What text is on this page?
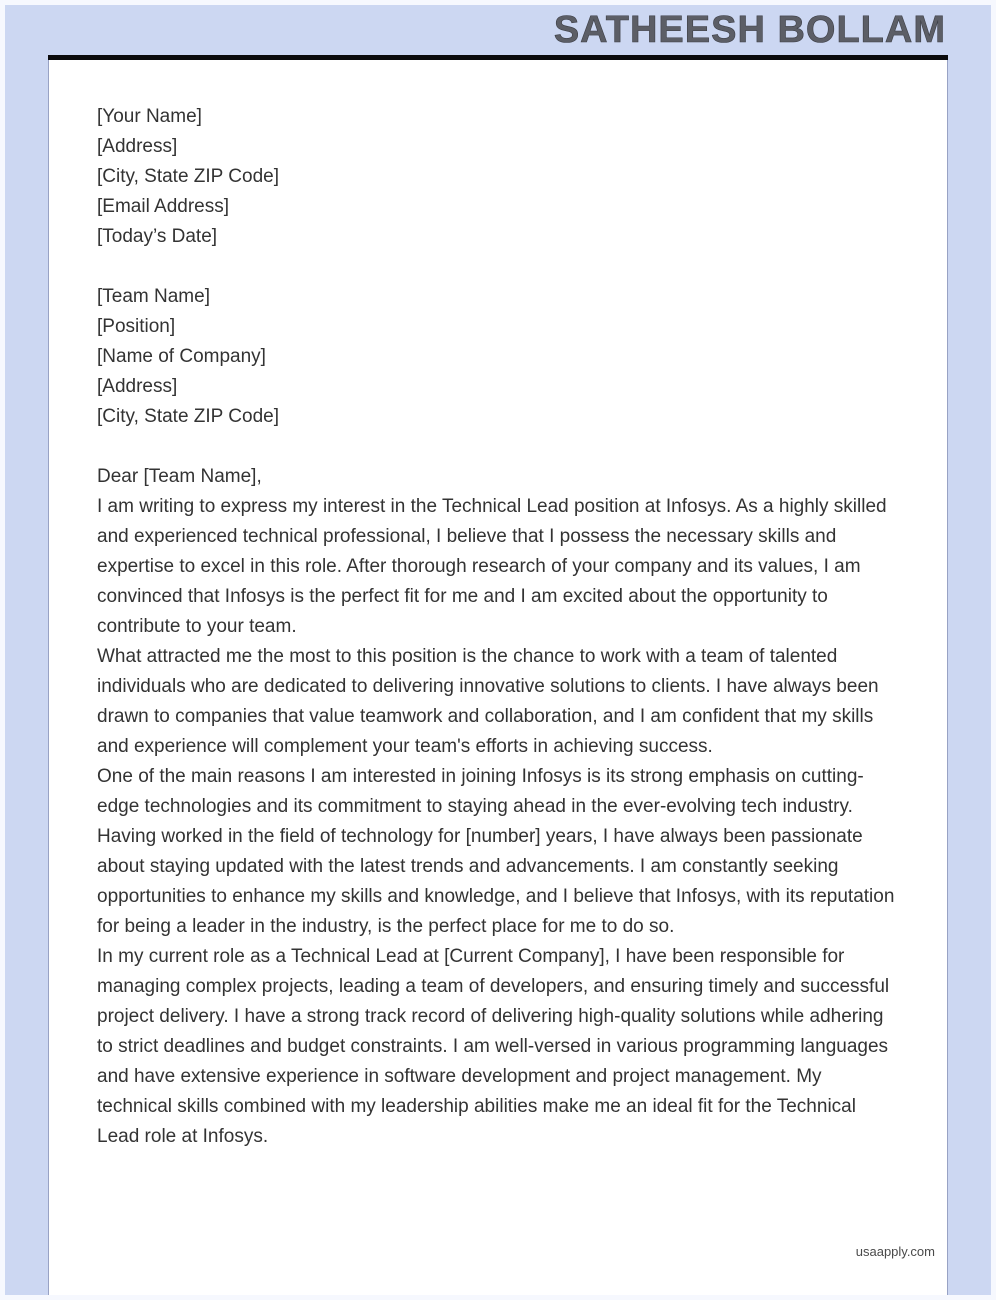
SATHEESH BOLLAM

[Your Name]

[Address]

[City, State ZIP Code]

[Email Address]

[Today’s Date]

[Team Name]

[Position]

[Name of Company]

[Address]

[City, State ZIP Code]

Dear [Team Name],

I am writing to express my interest in the Technical Lead position at Infosys. As a highly skilled and experienced technical professional, I believe that I possess the necessary skills and expertise to excel in this role. After thorough research of your company and its values, I am convinced that Infosys is the perfect fit for me and I am excited about the opportunity to contribute to your team.

What attracted me the most to this position is the chance to work with a team of talented individuals who are dedicated to delivering innovative solutions to clients. I have always been drawn to companies that value teamwork and collaboration, and I am confident that my skills and experience will complement your team's efforts in achieving success.

One of the main reasons I am interested in joining Infosys is its strong emphasis on cutting-edge technologies and its commitment to staying ahead in the ever-evolving tech industry. Having worked in the field of technology for [number] years, I have always been passionate about staying updated with the latest trends and advancements. I am constantly seeking opportunities to enhance my skills and knowledge, and I believe that Infosys, with its reputation for being a leader in the industry, is the perfect place for me to do so.

In my current role as a Technical Lead at [Current Company], I have been responsible for managing complex projects, leading a team of developers, and ensuring timely and successful project delivery. I have a strong track record of delivering high-quality solutions while adhering to strict deadlines and budget constraints. I am well-versed in various programming languages and have extensive experience in software development and project management. My technical skills combined with my leadership abilities make me an ideal fit for the Technical Lead role at Infosys.

usaapply.com
